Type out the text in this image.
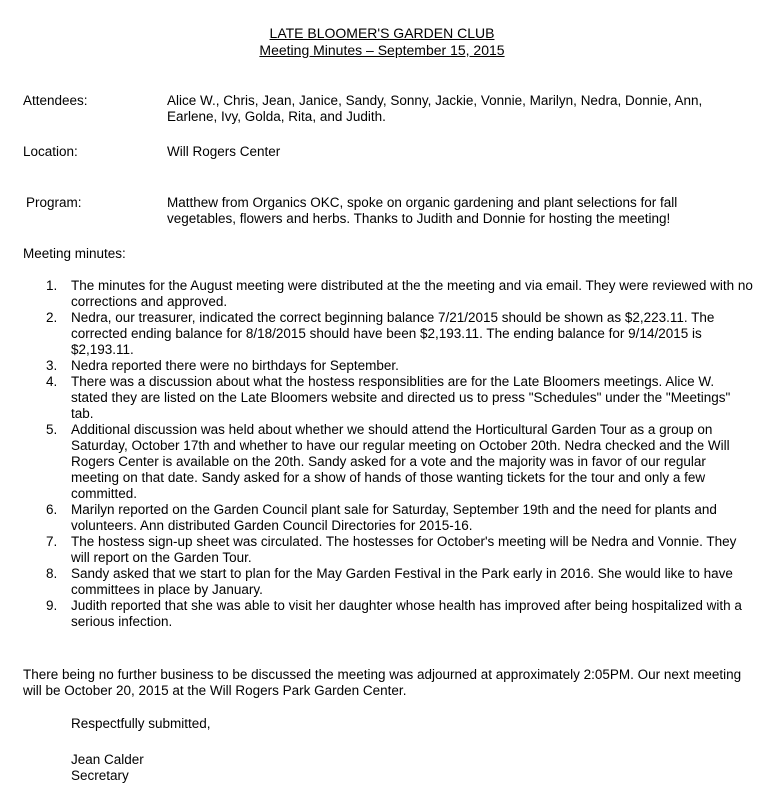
LATE BLOOMER'S GARDEN CLUB
Meeting Minutes – September 15, 2015
Attendees:	Alice W., Chris, Jean, Janice, Sandy, Sonny, Jackie, Vonnie, Marilyn, Nedra, Donnie, Ann, Earlene, Ivy, Golda, Rita, and Judith.
Location:	Will Rogers Center
Program:	Matthew from Organics OKC, spoke on organic gardening and plant selections for fall vegetables, flowers and herbs. Thanks to Judith and Donnie for hosting the meeting!
Meeting minutes:
1. The minutes for the August meeting were distributed at the the meeting and via email. They were reviewed with no corrections and approved.
2. Nedra, our treasurer, indicated the correct beginning balance 7/21/2015 should be shown as $2,223.11. The corrected ending balance for 8/18/2015 should have been $2,193.11. The ending balance for 9/14/2015 is $2,193.11.
3. Nedra reported there were no birthdays for September.
4. There was a discussion about what the hostess responsiblities are for the Late Bloomers meetings. Alice W. stated they are listed on the Late Bloomers website and directed us to press "Schedules" under the "Meetings" tab.
5. Additional discussion was held about whether we should attend the Horticultural Garden Tour as a group on Saturday, October 17th and whether to have our regular meeting on October 20th. Nedra checked and the Will Rogers Center is available on the 20th. Sandy asked for a vote and the majority was in favor of our regular meeting on that date. Sandy asked for a show of hands of those wanting tickets for the tour and only a few committed.
6. Marilyn reported on the Garden Council plant sale for Saturday, September 19th and the need for plants and volunteers. Ann distributed Garden Council Directories for 2015-16.
7. The hostess sign-up sheet was circulated. The hostesses for October's meeting will be Nedra and Vonnie. They will report on the Garden Tour.
8. Sandy asked that we start to plan for the May Garden Festival in the Park early in 2016. She would like to have committees in place by January.
9. Judith reported that she was able to visit her daughter whose health has improved after being hospitalized with a serious infection.
There being no further business to be discussed the meeting was adjourned at approximately 2:05PM. Our next meeting will be October 20, 2015 at the Will Rogers Park Garden Center.
Respectfully submitted,
Jean Calder
Secretary
